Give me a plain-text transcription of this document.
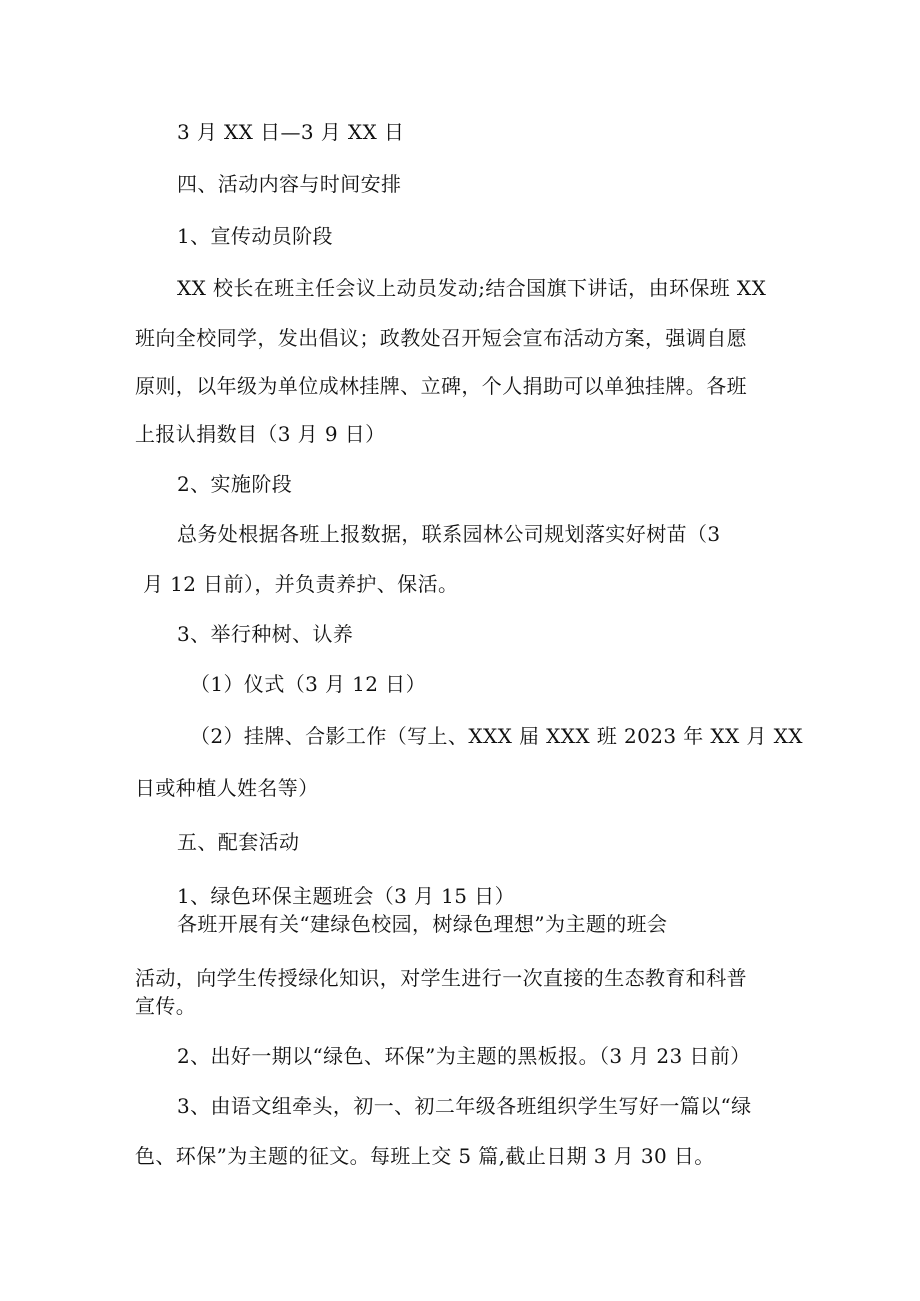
3 月 XX 日—3 月 XX 日

四、活动内容与时间安排

1、宣传动员阶段

XX 校长在班主任会议上动员发动;结合国旗下讲话，由环保班 XX

班向全校同学，发出倡议；政教处召开短会宣布活动方案，强调自愿

原则，以年级为单位成林挂牌、立碑，个人捐助可以单独挂牌。各班

上报认捐数目（3 月 9 日）

2、实施阶段

总务处根据各班上报数据，联系园林公司规划落实好树苗（3

月 12 日前），并负责养护、保活。

3、举行种树、认养

（1）仪式（3 月 12 日）

（2）挂牌、合影工作（写上、XXX 届 XXX 班 2023 年 XX 月 XX

日或种植人姓名等）

五、配套活动

1、绿色环保主题班会（3 月 15 日）

各班开展有关“建绿色校园，树绿色理想”为主题的班会

活动，向学生传授绿化知识，对学生进行一次直接的生态教育和科普

宣传。

2、出好一期以“绿色、环保”为主题的黑板报。（3 月 23 日前）

3、由语文组牵头，初一、初二年级各班组织学生写好一篇以“绿

色、环保”为主题的征文。每班上交 5 篇,截止日期 3 月 30 日。
